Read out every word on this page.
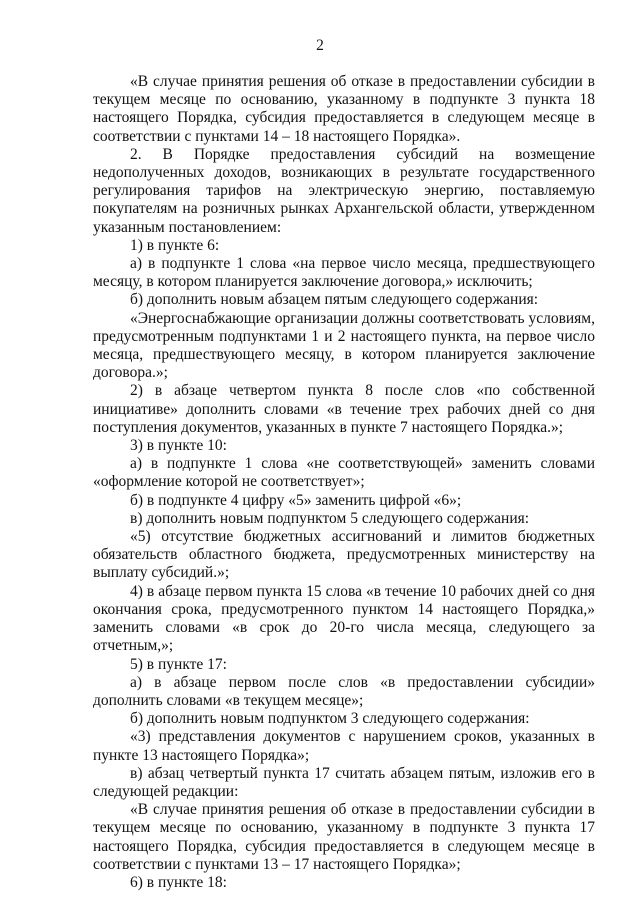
2

«В случае принятия решения об отказе в предоставлении субсидии в текущем месяце по основанию, указанному в подпункте 3 пункта 18 настоящего Порядка, субсидия предоставляется в следующем месяце в соответствии с пунктами 14 – 18 настоящего Порядка».

2. В Порядке предоставления субсидий на возмещение недополученных доходов, возникающих в результате государственного регулирования тарифов на электрическую энергию, поставляемую покупателям на розничных рынках Архангельской области, утвержденном указанным постановлением:

1) в пункте 6:

а) в подпункте 1 слова «на первое число месяца, предшествующего месяцу, в котором планируется заключение договора,» исключить;

б) дополнить новым абзацем пятым следующего содержания:

«Энергоснабжающие организации должны соответствовать условиям, предусмотренным подпунктами 1 и 2 настоящего пункта, на первое число месяца, предшествующего месяцу, в котором планируется заключение договора.»;

2) в абзаце четвертом пункта 8 после слов «по собственной инициативе» дополнить словами «в течение трех рабочих дней со дня поступления документов, указанных в пункте 7 настоящего Порядка.»;

3) в пункте 10:

а) в подпункте 1 слова «не соответствующей» заменить словами «оформление которой не соответствует»;

б) в подпункте 4 цифру «5» заменить цифрой «6»;

в) дополнить новым подпунктом 5 следующего содержания:

«5) отсутствие бюджетных ассигнований и лимитов бюджетных обязательств областного бюджета, предусмотренных министерству на выплату субсидий.»;

4) в абзаце первом пункта 15 слова «в течение 10 рабочих дней со дня окончания срока, предусмотренного пунктом 14 настоящего Порядка,» заменить словами «в срок до 20-го числа месяца, следующего за отчетным,»;

5) в пункте 17:

а) в абзаце первом после слов «в предоставлении субсидии» дополнить словами «в текущем месяце»;

б) дополнить новым подпунктом 3 следующего содержания:

«3) представления документов с нарушением сроков, указанных в пункте 13 настоящего Порядка»;

в) абзац четвертый пункта 17 считать абзацем пятым, изложив его в следующей редакции:

«В случае принятия решения об отказе в предоставлении субсидии в текущем месяце по основанию, указанному в подпункте 3 пункта 17 настоящего Порядка, субсидия предоставляется в следующем месяце в соответствии с пунктами 13 – 17 настоящего Порядка»;

6) в пункте 18:
